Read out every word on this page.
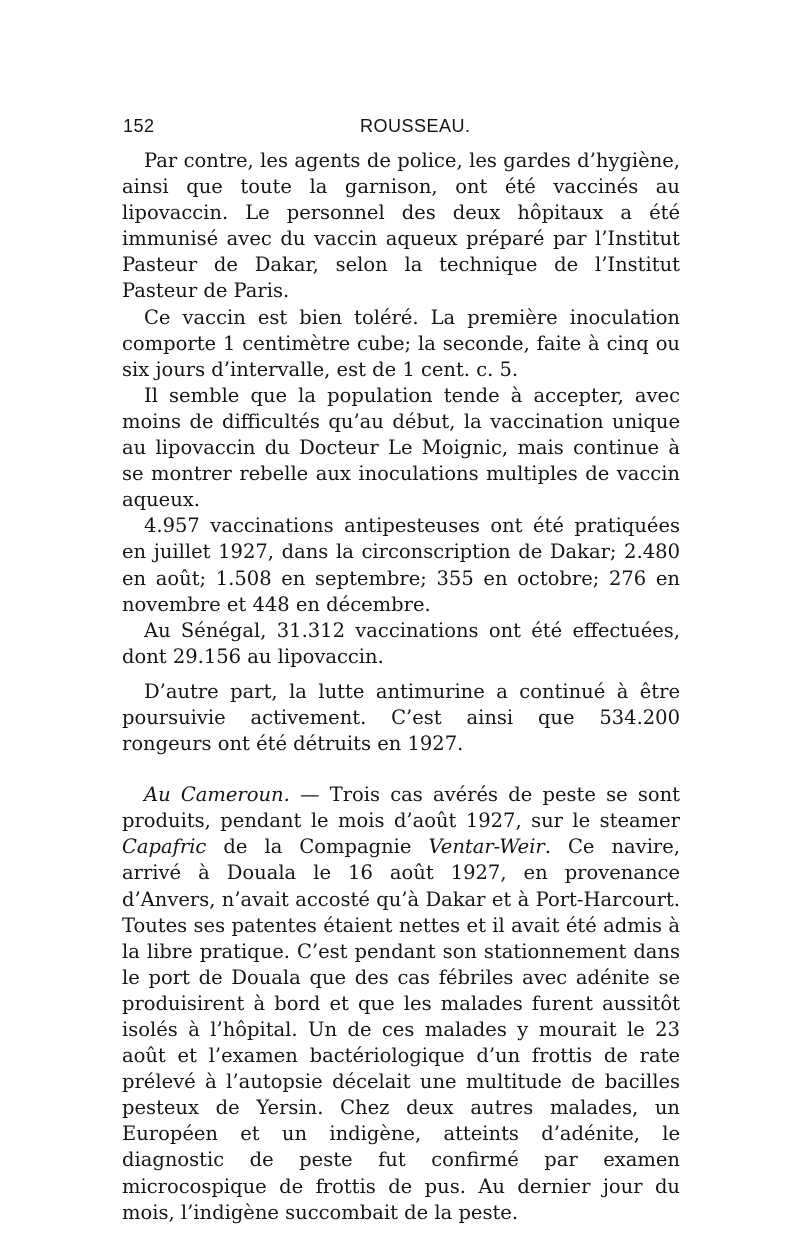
152	ROUSSEAU.

Par contre, les agents de police, les gardes d’hygiène, ainsi que toute la garnison, ont été vaccinés au lipovaccin. Le personnel des deux hôpitaux a été immunisé avec du vaccin aqueux préparé par l’Institut Pasteur de Dakar, selon la technique de l’Institut Pasteur de Paris.

Ce vaccin est bien toléré. La première inoculation comporte 1 centimètre cube; la seconde, faite à cinq ou six jours d’intervalle, est de 1 cent. c. 5.

Il semble que la population tende à accepter, avec moins de difficultés qu’au début, la vaccination unique au lipovaccin du Docteur Le Moignic, mais continue à se montrer rebelle aux inoculations multiples de vaccin aqueux.

4.957 vaccinations antipesteuses ont été pratiquées en juillet 1927, dans la circonscription de Dakar; 2.480 en août; 1.508 en septembre; 355 en octobre; 276 en novembre et 448 en décembre.

Au Sénégal, 31.312 vaccinations ont été effectuées, dont 29.156 au lipovaccin.

D’autre part, la lutte antimurine a continué à être poursuivie activement. C’est ainsi que 534.200 rongeurs ont été détruits en 1927.

Au Cameroun. — Trois cas avérés de peste se sont produits, pendant le mois d’août 1927, sur le steamer Capafric de la Compagnie Ventar-Weir. Ce navire, arrivé à Douala le 16 août 1927, en provenance d’Anvers, n’avait accosté qu’à Dakar et à Port-Harcourt. Toutes ses patentes étaient nettes et il avait été admis à la libre pratique. C’est pendant son stationnement dans le port de Douala que des cas fébriles avec adénite se produisirent à bord et que les malades furent aussitôt isolés à l’hôpital. Un de ces malades y mourait le 23 août et l’examen bactériologique d’un frottis de rate prélevé à l’autopsie décelait une multitude de bacilles pesteux de Yersin. Chez deux autres malades, un Européen et un indigène, atteints d’adénite, le diagnostic de peste fut confirmé par examen microcospique de frottis de pus. Au dernier jour du mois, l’indigène succombait de la peste.
